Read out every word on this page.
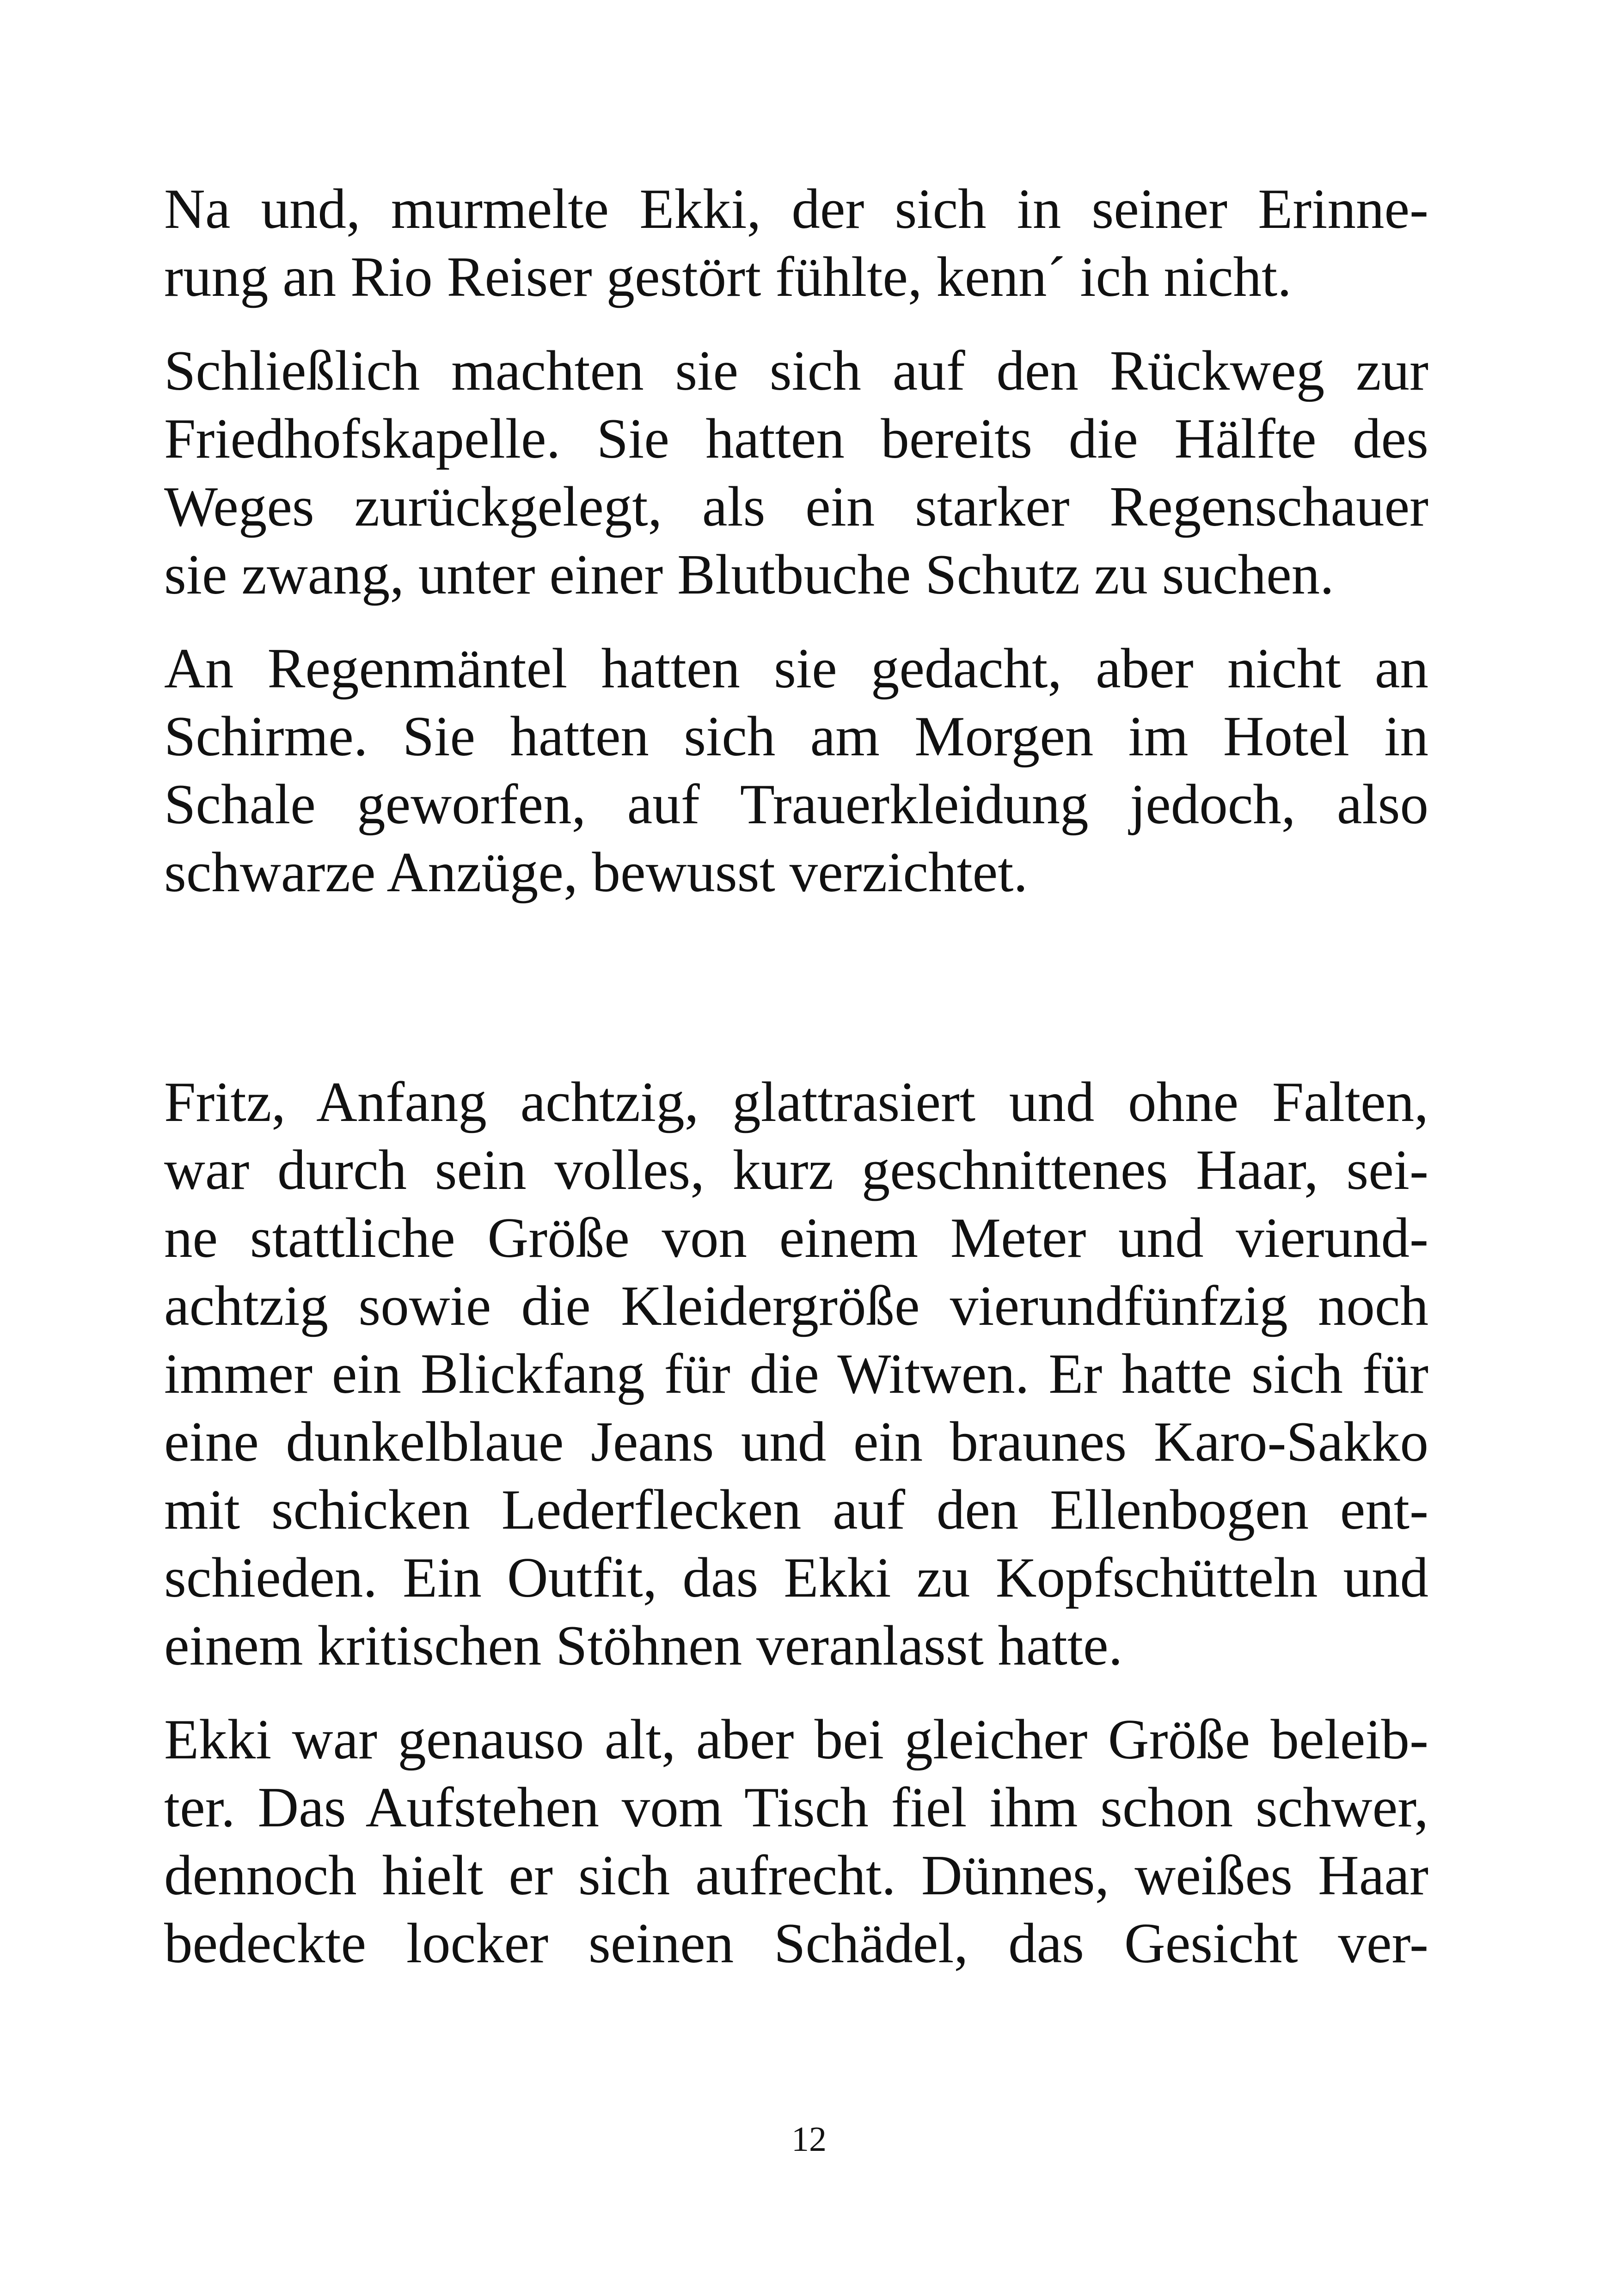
Na und, murmelte Ekki, der sich in seiner Erinne-
rung an Rio Reiser gestört fühlte, kenn´ ich nicht.

Schließlich machten sie sich auf den Rückweg zur
Friedhofskapelle. Sie hatten bereits die Hälfte des
Weges zurückgelegt, als ein starker Regenschauer
sie zwang, unter einer Blutbuche Schutz zu suchen.

An Regenmäntel hatten sie gedacht, aber nicht an
Schirme. Sie hatten sich am Morgen im Hotel in
Schale geworfen, auf Trauerkleidung jedoch, also
schwarze Anzüge, bewusst verzichtet.

Fritz, Anfang achtzig, glattrasiert und ohne Falten,
war durch sein volles, kurz geschnittenes Haar, sei-
ne stattliche Größe von einem Meter und vierund-
achtzig sowie die Kleidergröße vierundfünfzig noch
immer ein Blickfang für die Witwen. Er hatte sich für
eine dunkelblaue Jeans und ein braunes Karo-Sakko
mit schicken Lederflecken auf den Ellenbogen ent-
schieden. Ein Outfit, das Ekki zu Kopfschütteln und
einem kritischen Stöhnen veranlasst hatte.

Ekki war genauso alt, aber bei gleicher Größe beleib-
ter. Das Aufstehen vom Tisch fiel ihm schon schwer,
dennoch hielt er sich aufrecht. Dünnes, weißes Haar
bedeckte locker seinen Schädel, das Gesicht ver-

12
